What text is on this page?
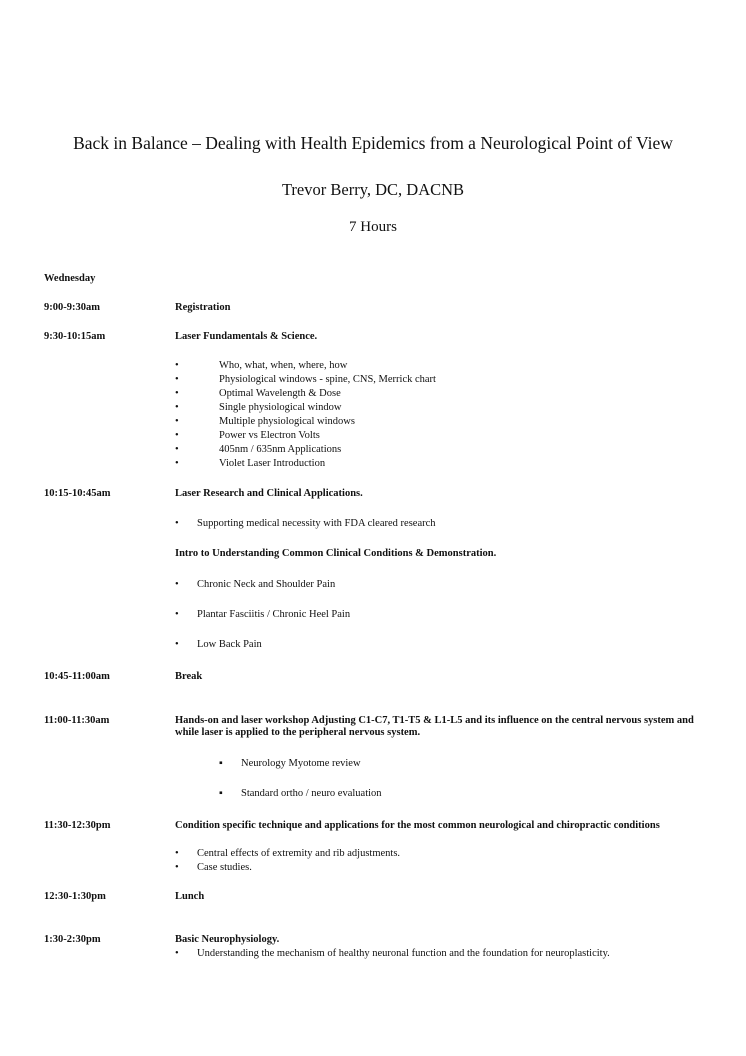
Back in Balance – Dealing with Health Epidemics from a Neurological Point of View
Trevor Berry, DC, DACNB
7 Hours
Wednesday
9:00-9:30am	Registration
9:30-10:15am	Laser Fundamentals & Science.
•	Who, what, when, where, how
•	Physiological windows - spine, CNS, Merrick chart
•	Optimal Wavelength & Dose
•	Single physiological window
•	Multiple physiological windows
•	Power vs Electron Volts
•	405nm / 635nm Applications
•	Violet Laser Introduction
10:15-10:45am	Laser Research and Clinical Applications.
• Supporting medical necessity with FDA cleared research
Intro to Understanding Common Clinical Conditions & Demonstration.
• Chronic Neck and Shoulder Pain
• Plantar Fasciitis / Chronic Heel Pain
• Low Back Pain
10:45-11:00am	Break
11:00-11:30am	Hands-on and laser workshop Adjusting C1-C7, T1-T5 & L1-L5 and its influence on the central nervous system and while laser is applied to the peripheral nervous system.
▪ Neurology Myotome review
▪ Standard ortho / neuro evaluation
11:30-12:30pm	Condition specific technique and applications for the most common neurological and chiropractic conditions
• Central effects of extremity and rib adjustments.
• Case studies.
12:30-1:30pm	Lunch
1:30-2:30pm	Basic Neurophysiology.
• Understanding the mechanism of healthy neuronal function and the foundation for neuroplasticity.
